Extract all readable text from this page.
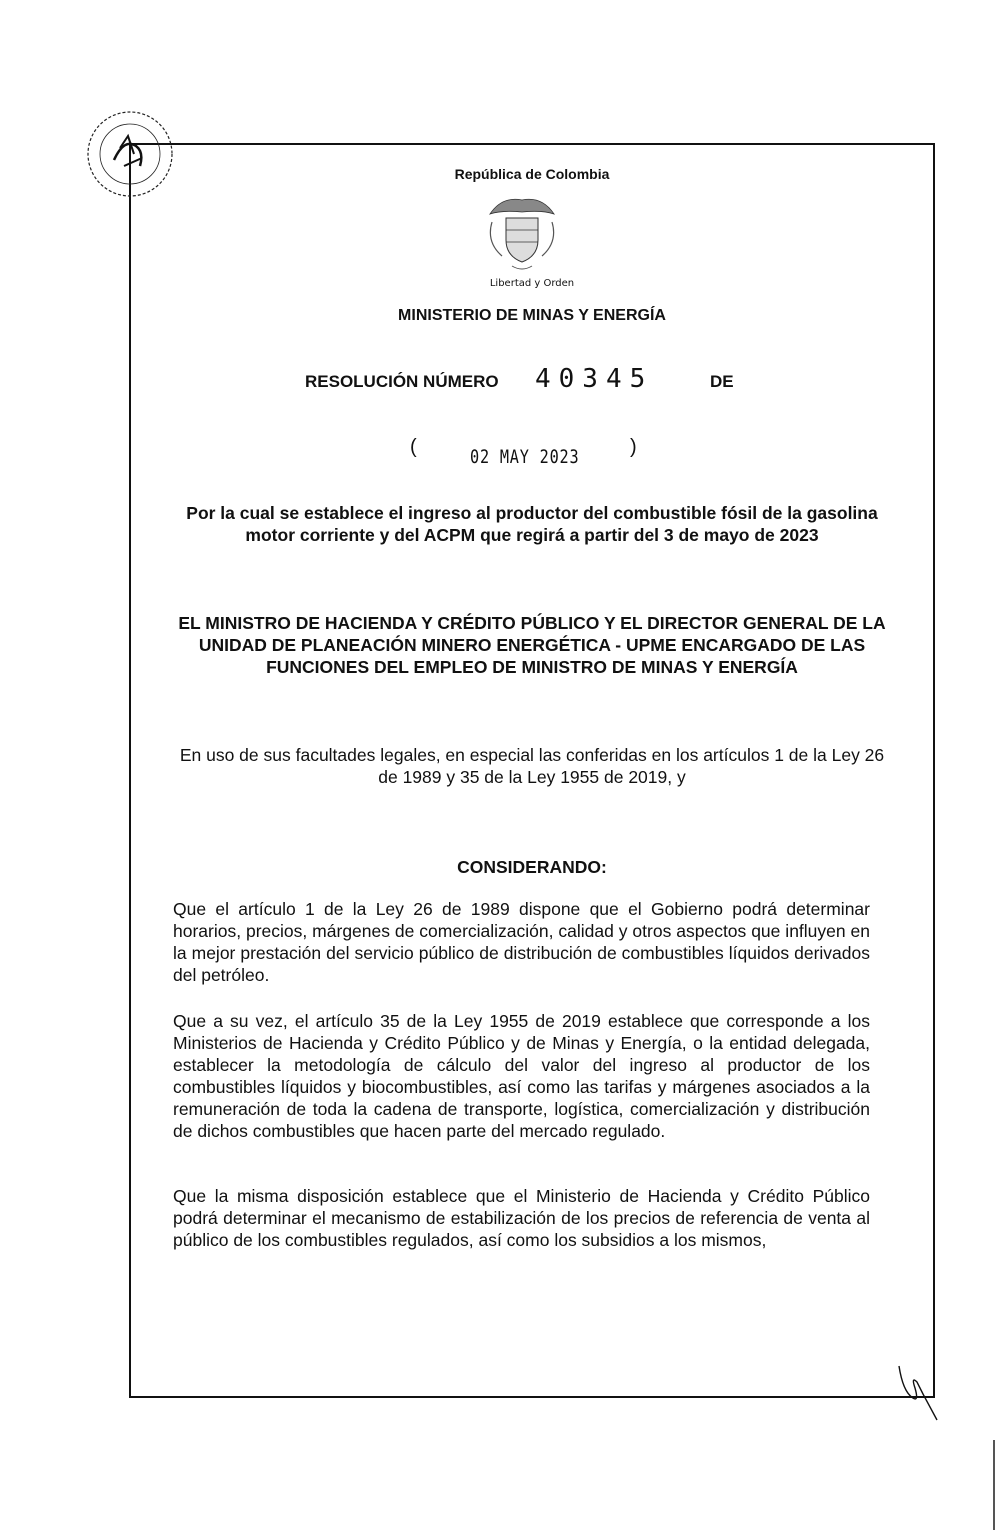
República de Colombia
Libertad y Orden
MINISTERIO DE MINAS Y ENERGÍA
RESOLUCIÓN NÚMERO 40345	DE
(	02 MAY 2023	)
Por la cual se establece el ingreso al productor del combustible fósil de la gasolina motor corriente y del ACPM que regirá a partir del 3 de mayo de 2023
EL MINISTRO DE HACIENDA Y CRÉDITO PÚBLICO Y EL DIRECTOR GENERAL DE LA UNIDAD DE PLANEACIÓN MINERO ENERGÉTICA - UPME ENCARGADO DE LAS FUNCIONES DEL EMPLEO DE MINISTRO DE MINAS Y ENERGÍA
En uso de sus facultades legales, en especial las conferidas en los artículos 1 de la Ley 26 de 1989 y 35 de la Ley 1955 de 2019, y
CONSIDERANDO:
Que el artículo 1 de la Ley 26 de 1989 dispone que el Gobierno podrá determinar horarios, precios, márgenes de comercialización, calidad y otros aspectos que influyen en la mejor prestación del servicio público de distribución de combustibles líquidos derivados del petróleo.
Que a su vez, el artículo 35 de la Ley 1955 de 2019 establece que corresponde a los Ministerios de Hacienda y Crédito Público y de Minas y Energía, o la entidad delegada, establecer la metodología de cálculo del valor del ingreso al productor de los combustibles líquidos y biocombustibles, así como las tarifas y márgenes asociados a la remuneración de toda la cadena de transporte, logística, comercialización y distribución de dichos combustibles que hacen parte del mercado regulado.
Que la misma disposición establece que el Ministerio de Hacienda y Crédito Público podrá determinar el mecanismo de estabilización de los precios de referencia de venta al público de los combustibles regulados, así como los subsidios a los mismos,
